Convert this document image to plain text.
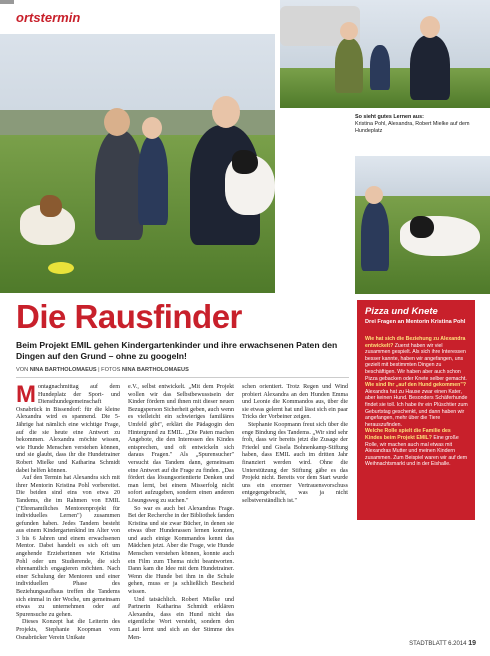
ortstermin
So sieht gutes Lernen aus:
Kristina Pohl, Alexandra, Robert Mielke auf dem Hundeplatz
Die Rausfinder
Beim Projekt EMIL gehen Kindergartenkinder und ihre erwachsenen Paten den Dingen auf den Grund – ohne zu googeln!
VON NINA BARTHOLOMAEUS | FOTOS NINA BARTHOLOMAEUS
Montagnachmittag auf dem Hundeplatz der Sport- und Diensthundegemeinschaft Osnabrück in Bissendorf: für die kleine Alexandra wird es spannend. Die 5-Jährige hat nämlich eine wichtige Frage, auf die sie heute eine Antwort zu bekommen. Alexandra möchte wissen, wie Hunde Menschen verstehen können, und sie glaubt, dass ihr die Hundetrainer Robert Mielke und Katharina Schmidt dabei helfen können.
Auf den Termin hat Alexandra sich mit ihrer Mentorin Kristina Pohl vorbereitet. Die beiden sind eins von etwa 20 Tandems, die im Rahmen von EMIL ("Ehrenamtliches Mentorenprojekt für individuelles Lernen") zusammen gefunden haben. Jedes Tandem besteht aus einem Kindergartenkind im Alter von 3 bis 6 Jahren und einem erwachsenen Mentor. Dabei handelt es sich oft um angehende Erzieherinnen wie Kristina Pohl oder um Studierende, die sich ehrenamtlich engagieren möchten. Nach einer Schulung der Mentoren und einer individuellen Phase des Beziehungsaufbaus treffen die Tandems sich einmal in der Woche, um gemeinsam etwas zu unternehmen oder auf Spurensuche zu gehen.
Dieses Konzept hat die Leiterin des Projekts, Stephanie Koopman vom Osnabrücker Verein Unikate
e.V., selbst entwickelt. „Mit dem Projekt wollen wir das Selbstbewusstsein der Kinder fördern und ihnen mit dieser neuen Bezugsperson Sicherheit geben, auch wenn es vielleicht ein schwieriges familiäres Umfeld gibt", erklärt die Pädagogin den Hintergrund zu EMIL. „Die Paten machen Angebote, die den Interessen des Kindes entsprechen, und oft entwickeln sich daraus Fragen." Als „Spurensucher" versucht das Tandem dann, gemeinsam eine Antwort auf die Frage zu finden. „Das fördert das lösungsorientierte Denken und man lernt, bei einem Misserfolg nicht sofort aufzugeben, sondern einen anderen Lösungsweg zu suchen."
So war es auch bei Alexandras Frage. Bei der Recherche in der Bibliothek fanden Kristina und sie zwar Bücher, in denen sie etwas über Hunderassen lernen konnten, und auch einige Kommandos kennt das Mädchen jetzt. Aber die Frage, wie Hunde Menschen verstehen können, konnte auch ein Film zum Thema nicht beantworten. Dann kam die Idee mit dem Hundetrainer. Wenn die Hunde bei ihm in die Schule gehen, muss er ja schließlich Bescheid wissen.
Und tatsächlich. Robert Mielke und Partnerin Katharina Schmidt erklären Alexandra, dass ein Hund nicht das eigentliche Wort versteht, sondern den Laut lernt und sich an der Stimme des Men-
schen orientiert. Trotz Regen und Wind probiert Alexandra an den Hunden Emma und Leonie die Kommandos aus, über die sie etwas gelernt hat und lässt sich ein paar Tricks der Vorbeiner zeigen.
Stephanie Koopmann freut sich über die enge Bindung des Tandems. „Wir sind sehr froh, dass wir bereits jetzt die Zusage der Friedel und Gisela Bohnenkamp-Stiftung haben, dass EMIL auch im dritten Jahr finanziert werden wird. Ohne die Unterstützung der Stiftung gäbe es das Projekt nicht. Bereits vor dem Start wurde uns ein enormer Vertrauensvorschuss entgegengebracht, was ja nicht selbstverständlich ist."
Pizza und Knete
Drei Fragen an Mentorin Kristina Pohl
Wie hat sich die Beziehung zu Alexandra entwickelt? Zuerst haben wir viel zusammen gespielt. Als sich ihre Interessen besser kannte, haben wir angefangen, uns gezielt mit bestimmten Dingen zu beschäftigen. Wir haben aber auch schon Pizza gebacken oder Knete selber gemacht.
Wie sind Ihr „auf den Hund gekommen"? Alexandra hat zu Hause zwar einen Kater, aber keinen Hund. Besonders Schäferhunde findet sie toll. Ich habe ihr ein Plüschtier zum Geburtstag geschenkt, und dann haben wir angefangen, mehr über die Tiere herauszufinden.
Welche Rolle spielt die Familie des Kindes beim Projekt EMIL? Eine große Rolle, wir machen auch mal etwas mit Alexandras Mutter und meinen Kindern zusammen. Zum Beispiel waren wir auf dem Weihnachtsmarkt und in der Eishalle.
STADTBLATT 6.2014 19
